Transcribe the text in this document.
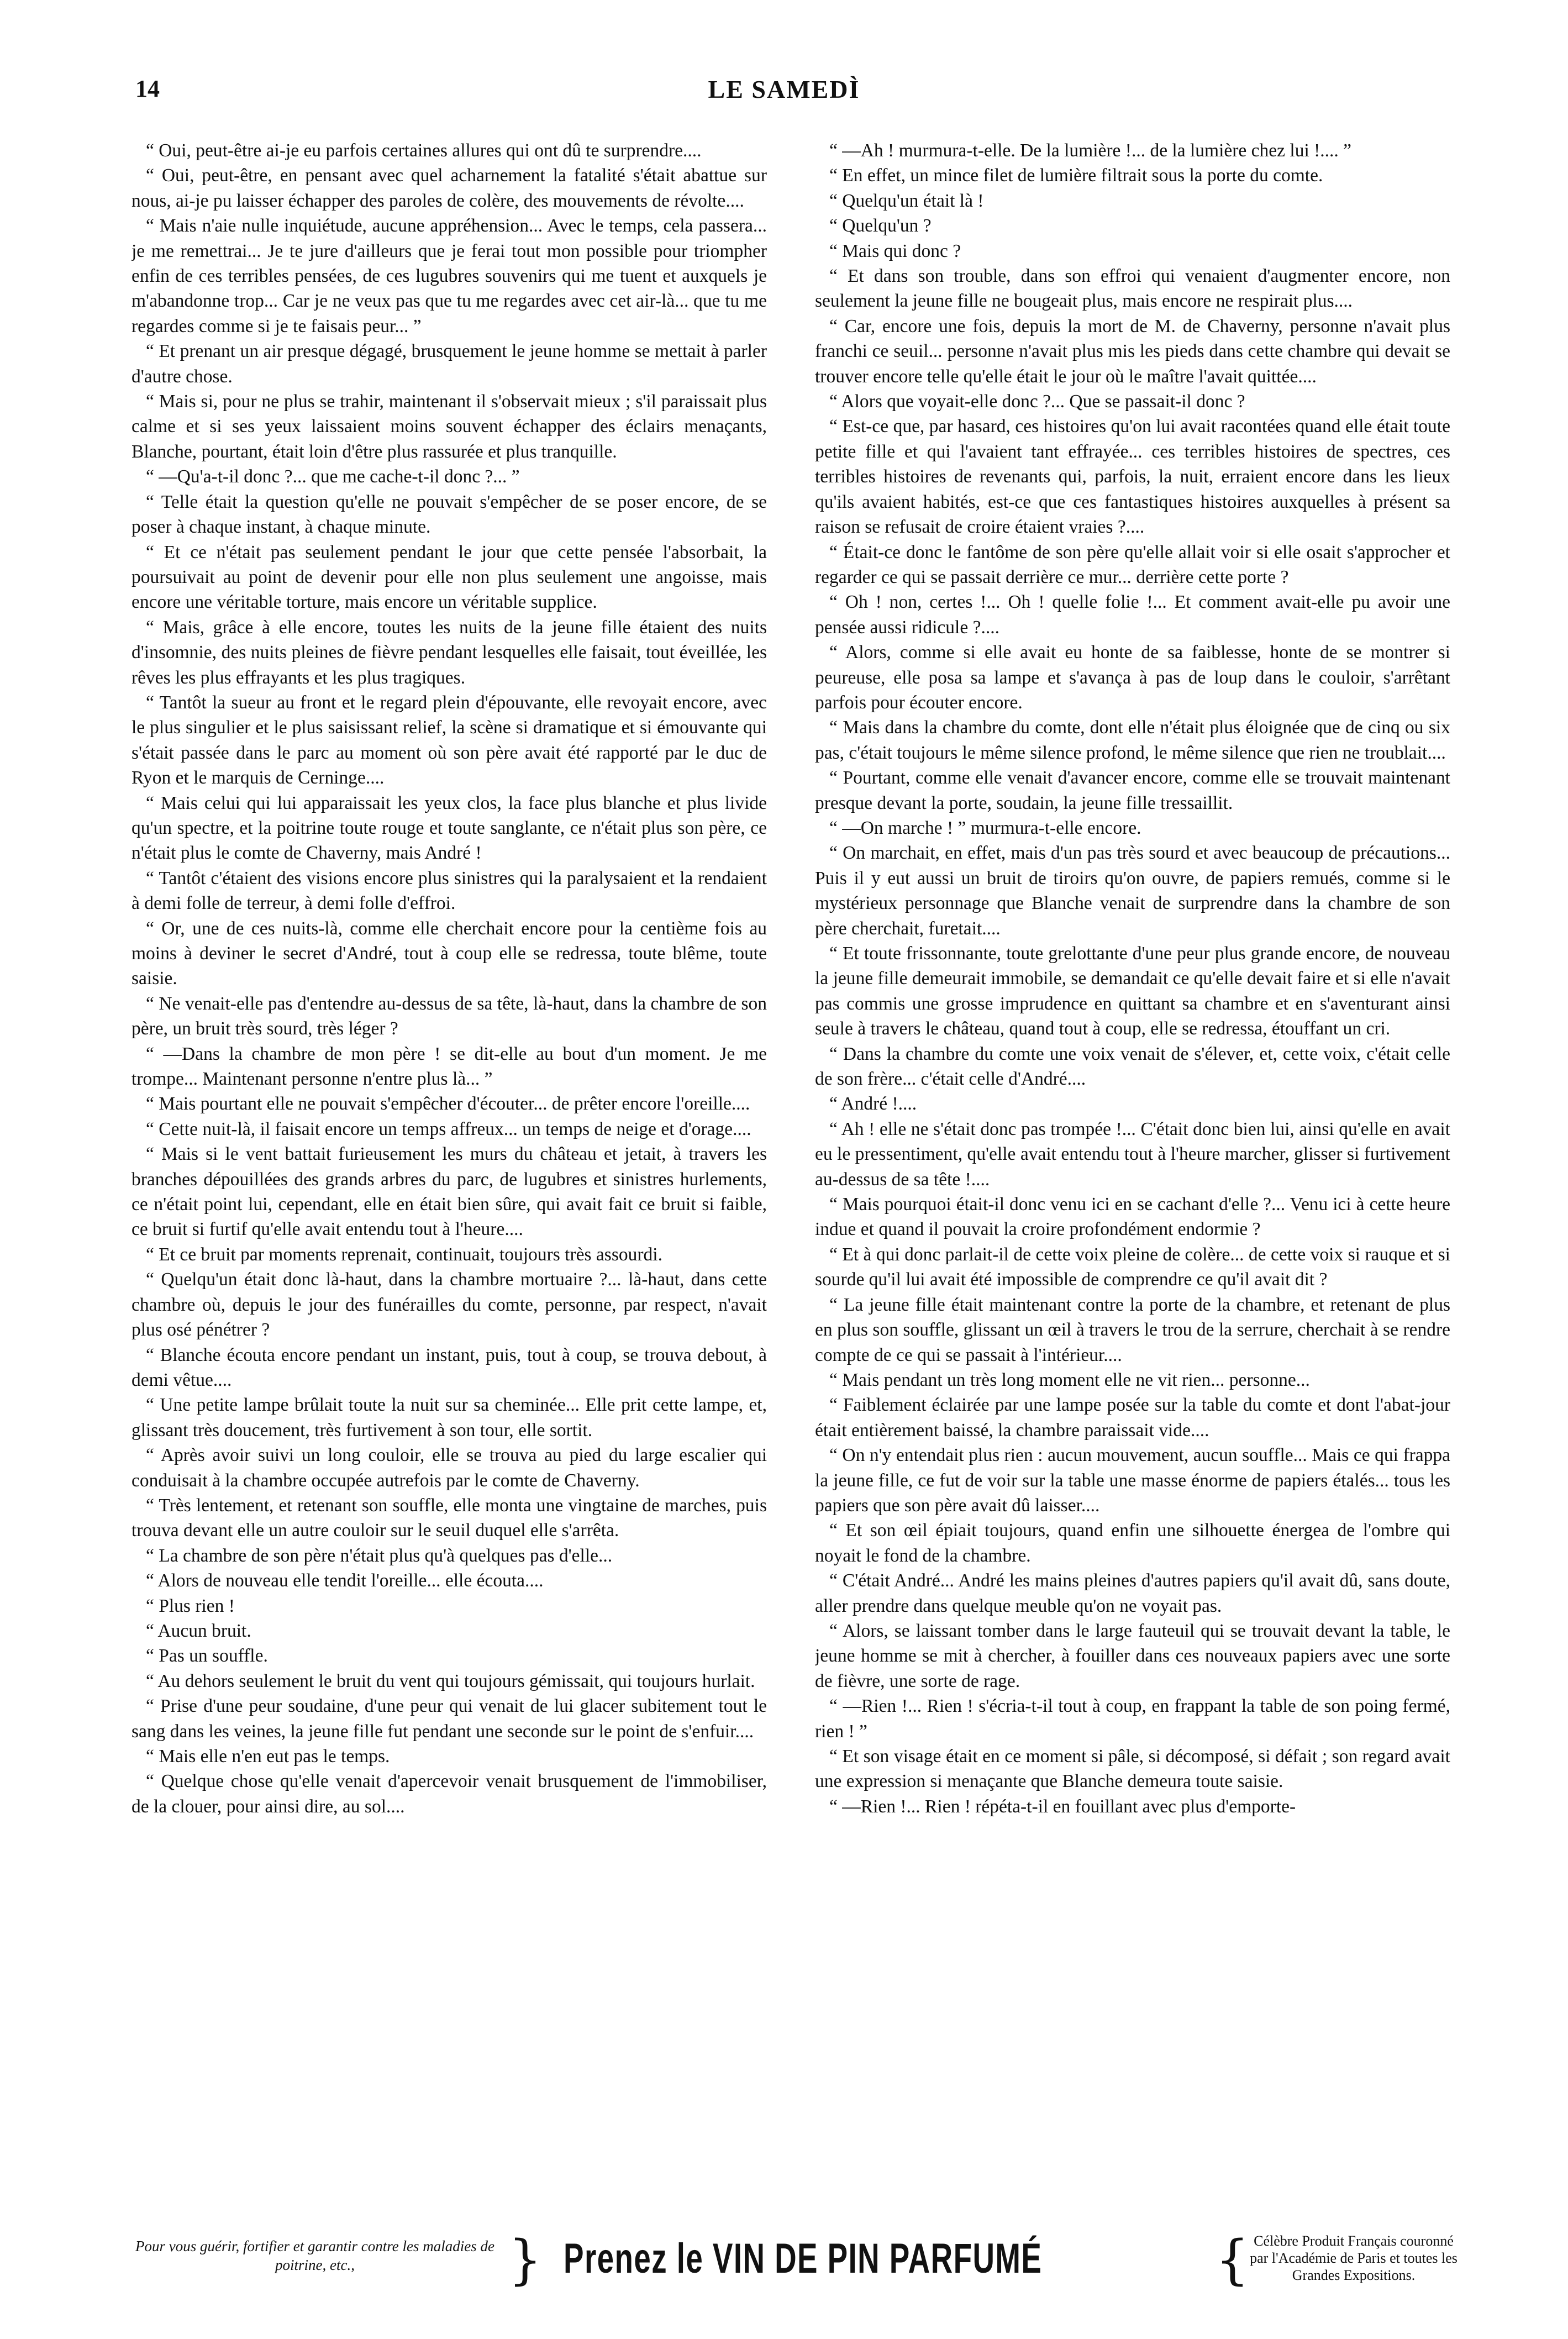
14	LE SAMEDÌ

“ Oui, peut-être ai-je eu parfois certaines allures qui ont dû te surprendre....

“ Oui, peut-être, en pensant avec quel acharnement la fatalité s'était abattue sur nous, ai-je pu laisser échapper des paroles de colère, des mouvements de révolte....

“ Mais n'aie nulle inquiétude, aucune appréhension... Avec le temps, cela passera... je me remettrai... Je te jure d'ailleurs que je ferai tout mon possible pour triompher enfin de ces terribles pensées, de ces lugubres souvenirs qui me tuent et auxquels je m'abandonne trop... Car je ne veux pas que tu me regardes avec cet air-là... que tu me regardes comme si je te faisais peur... ”

“ Et prenant un air presque dégagé, brusquement le jeune homme se mettait à parler d'autre chose.

“ Mais si, pour ne plus se trahir, maintenant il s'observait mieux ; s'il paraissait plus calme et si ses yeux laissaient moins souvent échapper des éclairs menaçants, Blanche, pourtant, était loin d'être plus rassurée et plus tranquille.

“ —Qu'a-t-il donc ?... que me cache-t-il donc ?... ”

“ Telle était la question qu'elle ne pouvait s'empêcher de se poser encore, de se poser à chaque instant, à chaque minute.

“ Et ce n'était pas seulement pendant le jour que cette pensée l'absorbait, la poursuivait au point de devenir pour elle non plus seulement une angoisse, mais encore une véritable torture, mais encore un véritable supplice.

“ Mais, grâce à elle encore, toutes les nuits de la jeune fille étaient des nuits d'insomnie, des nuits pleines de fièvre pendant lesquelles elle faisait, tout éveillée, les rêves les plus effrayants et les plus tragiques.

“ Tantôt la sueur au front et le regard plein d'épouvante, elle revoyait encore, avec le plus singulier et le plus saisissant relief, la scène si dramatique et si émouvante qui s'était passée dans le parc au moment où son père avait été rapporté par le duc de Ryon et le marquis de Cerninge....

“ Mais celui qui lui apparaissait les yeux clos, la face plus blanche et plus livide qu'un spectre, et la poitrine toute rouge et toute sanglante, ce n'était plus son père, ce n'était plus le comte de Chaverny, mais André !

“ Tantôt c'étaient des visions encore plus sinistres qui la paralysaient et la rendaient à demi folle de terreur, à demi folle d'effroi.

“ Or, une de ces nuits-là, comme elle cherchait encore pour la centième fois au moins à deviner le secret d'André, tout à coup elle se redressa, toute blême, toute saisie.

“ Ne venait-elle pas d'entendre au-dessus de sa tête, là-haut, dans la chambre de son père, un bruit très sourd, très léger ?

“ —Dans la chambre de mon père ! se dit-elle au bout d'un moment. Je me trompe... Maintenant personne n'entre plus là... ”

“ Mais pourtant elle ne pouvait s'empêcher d'écouter... de prêter encore l'oreille....

“ Cette nuit-là, il faisait encore un temps affreux... un temps de neige et d'orage....

“ Mais si le vent battait furieusement les murs du château et jetait, à travers les branches dépouillées des grands arbres du parc, de lugubres et sinistres hurlements, ce n'était point lui, cependant, elle en était bien sûre, qui avait fait ce bruit si faible, ce bruit si furtif qu'elle avait entendu tout à l'heure....

“ Et ce bruit par moments reprenait, continuait, toujours très assourdi.

“ Quelqu'un était donc là-haut, dans la chambre mortuaire ?... là-haut, dans cette chambre où, depuis le jour des funérailles du comte, personne, par respect, n'avait plus osé pénétrer ?

“ Blanche écouta encore pendant un instant, puis, tout à coup, se trouva debout, à demi vêtue....

“ Une petite lampe brûlait toute la nuit sur sa cheminée... Elle prit cette lampe, et, glissant très doucement, très furtivement à son tour, elle sortit.

“ Après avoir suivi un long couloir, elle se trouva au pied du large escalier qui conduisait à la chambre occupée autrefois par le comte de Chaverny.

“ Très lentement, et retenant son souffle, elle monta une vingtaine de marches, puis trouva devant elle un autre couloir sur le seuil duquel elle s'arrêta.

“ La chambre de son père n'était plus qu'à quelques pas d'elle...

“ Alors de nouveau elle tendit l'oreille... elle écouta....

“ Plus rien !

“ Aucun bruit.

“ Pas un souffle.

“ Au dehors seulement le bruit du vent qui toujours gémissait, qui toujours hurlait.

“ Prise d'une peur soudaine, d'une peur qui venait de lui glacer subitement tout le sang dans les veines, la jeune fille fut pendant une seconde sur le point de s'enfuir....

“ Mais elle n'en eut pas le temps.

“ Quelque chose qu'elle venait d'apercevoir venait brusquement de l'immobiliser, de la clouer, pour ainsi dire, au sol....

“ —Ah ! murmura-t-elle. De la lumière !... de la lumière chez lui !.... ”

“ En effet, un mince filet de lumière filtrait sous la porte du comte.

“ Quelqu'un était là !

“ Quelqu'un ?

“ Mais qui donc ?

“ Et dans son trouble, dans son effroi qui venaient d'augmenter encore, non seulement la jeune fille ne bougeait plus, mais encore ne respirait plus....

“ Car, encore une fois, depuis la mort de M. de Chaverny, personne n'avait plus franchi ce seuil... personne n'avait plus mis les pieds dans cette chambre qui devait se trouver encore telle qu'elle était le jour où le maître l'avait quittée....

“ Alors que voyait-elle donc ?... Que se passait-il donc ?

“ Est-ce que, par hasard, ces histoires qu'on lui avait racontées quand elle était toute petite fille et qui l'avaient tant effrayée... ces terribles histoires de spectres, ces terribles histoires de revenants qui, parfois, la nuit, erraient encore dans les lieux qu'ils avaient habités, est-ce que ces fantastiques histoires auxquelles à présent sa raison se refusait de croire étaient vraies ?....

“ Était-ce donc le fantôme de son père qu'elle allait voir si elle osait s'approcher et regarder ce qui se passait derrière ce mur... derrière cette porte ?

“ Oh ! non, certes !... Oh ! quelle folie !... Et comment avait-elle pu avoir une pensée aussi ridicule ?....

“ Alors, comme si elle avait eu honte de sa faiblesse, honte de se montrer si peureuse, elle posa sa lampe et s'avança à pas de loup dans le couloir, s'arrêtant parfois pour écouter encore.

“ Mais dans la chambre du comte, dont elle n'était plus éloignée que de cinq ou six pas, c'était toujours le même silence profond, le même silence que rien ne troublait....

“ Pourtant, comme elle venait d'avancer encore, comme elle se trouvait maintenant presque devant la porte, soudain, la jeune fille tressaillit.

“ —On marche ! ” murmura-t-elle encore.

“ On marchait, en effet, mais d'un pas très sourd et avec beaucoup de précautions... Puis il y eut aussi un bruit de tiroirs qu'on ouvre, de papiers remués, comme si le mystérieux personnage que Blanche venait de surprendre dans la chambre de son père cherchait, furetait....

“ Et toute frissonnante, toute grelottante d'une peur plus grande encore, de nouveau la jeune fille demeurait immobile, se demandait ce qu'elle devait faire et si elle n'avait pas commis une grosse imprudence en quittant sa chambre et en s'aventurant ainsi seule à travers le château, quand tout à coup, elle se redressa, étouffant un cri.

“ Dans la chambre du comte une voix venait de s'élever, et, cette voix, c'était celle de son frère... c'était celle d'André....

“ André !....

“ Ah ! elle ne s'était donc pas trompée !... C'était donc bien lui, ainsi qu'elle en avait eu le pressentiment, qu'elle avait entendu tout à l'heure marcher, glisser si furtivement au-dessus de sa tête !....

“ Mais pourquoi était-il donc venu ici en se cachant d'elle ?... Venu ici à cette heure indue et quand il pouvait la croire profondément endormie ?

“ Et à qui donc parlait-il de cette voix pleine de colère... de cette voix si rauque et si sourde qu'il lui avait été impossible de comprendre ce qu'il avait dit ?

“ La jeune fille était maintenant contre la porte de la chambre, et retenant de plus en plus son souffle, glissant un œil à travers le trou de la serrure, cherchait à se rendre compte de ce qui se passait à l'intérieur....

“ Mais pendant un très long moment elle ne vit rien... personne...

“ Faiblement éclairée par une lampe posée sur la table du comte et dont l'abat-jour était entièrement baissé, la chambre paraissait vide....

“ On n'y entendait plus rien : aucun mouvement, aucun souffle... Mais ce qui frappa la jeune fille, ce fut de voir sur la table une masse énorme de papiers étalés... tous les papiers que son père avait dû laisser....

“ Et son œil épiait toujours, quand enfin une silhouette énergea de l'ombre qui noyait le fond de la chambre.

“ C'était André... André les mains pleines d'autres papiers qu'il avait dû, sans doute, aller prendre dans quelque meuble qu'on ne voyait pas.

“ Alors, se laissant tomber dans le large fauteuil qui se trouvait devant la table, le jeune homme se mit à chercher, à fouiller dans ces nouveaux papiers avec une sorte de fièvre, une sorte de rage.

“ —Rien !... Rien ! s'écria-t-il tout à coup, en frappant la table de son poing fermé, rien ! ”

“ Et son visage était en ce moment si pâle, si décomposé, si défait ; son regard avait une expression si menaçante que Blanche demeura toute saisie.

“ —Rien !... Rien ! répéta-t-il en fouillant avec plus d'emporte-

Pour vous guérir, fortifier et garantir contre les maladies de poitrine, etc.,	} Prenez le VIN DE PIN PARFUMÉ	{ Célèbre Produit Français couronné par l'Académie de Paris et toutes les Grandes Expositions.
